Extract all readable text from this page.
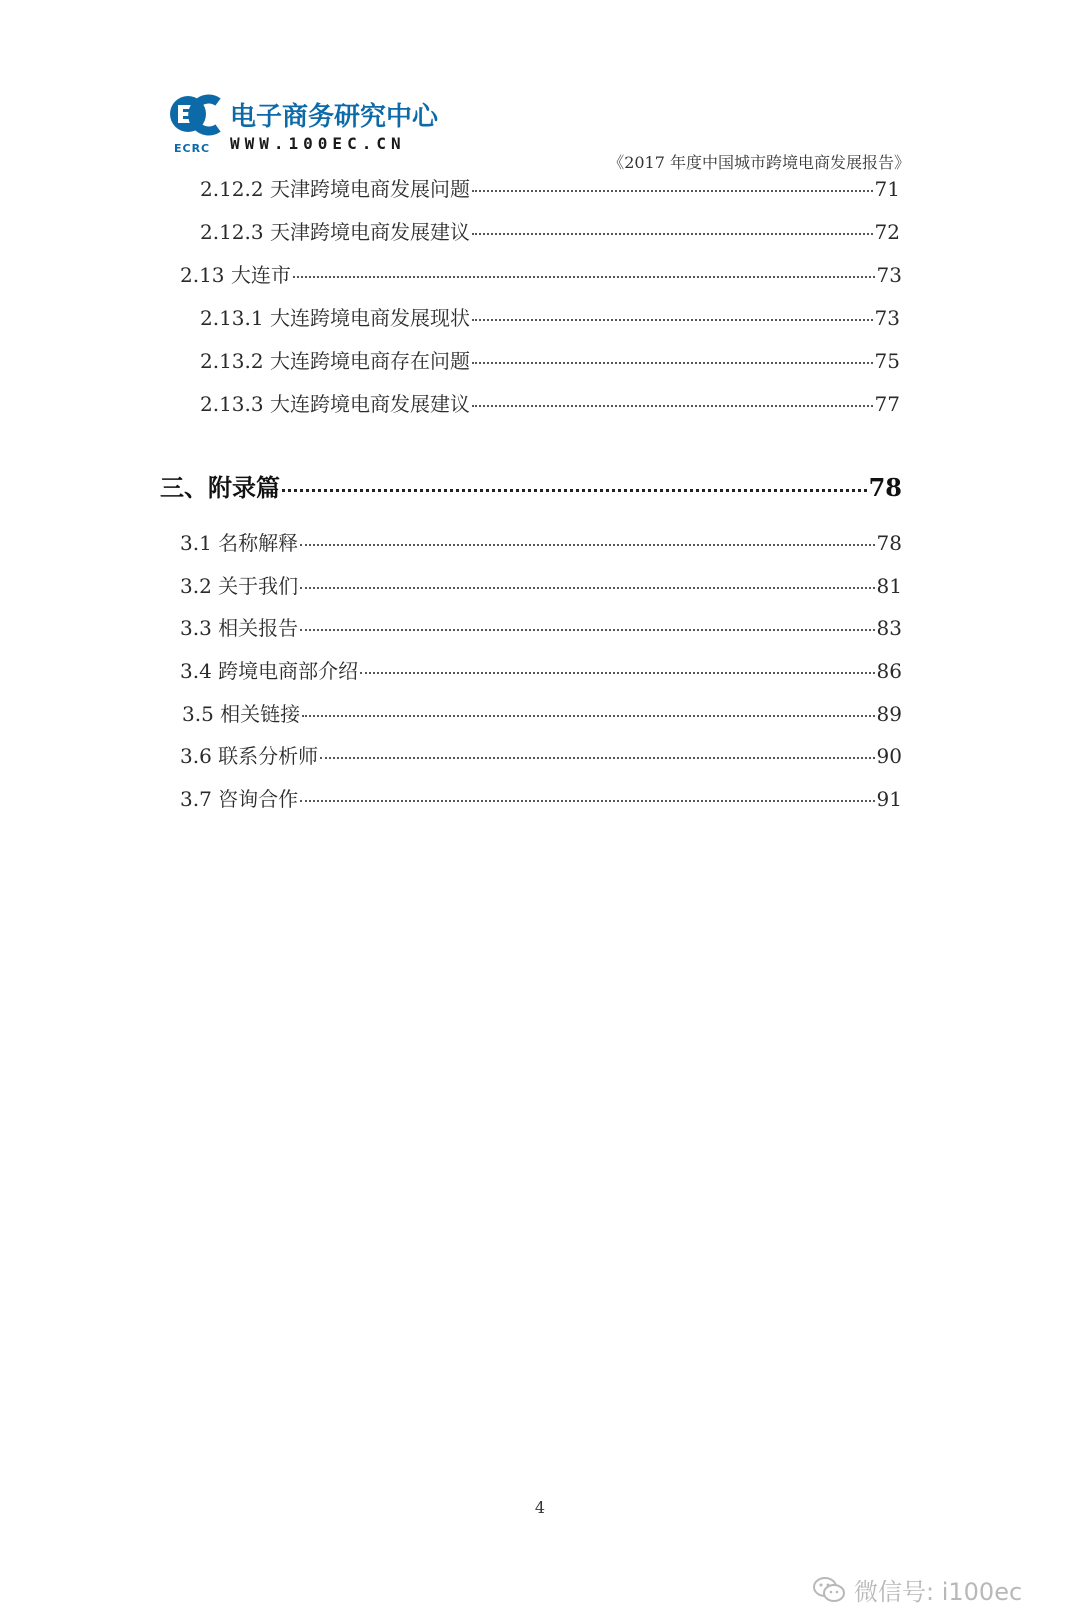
电子商务研究中心
WWW.100EC.CN
ECRC
《2017 年度中国城市跨境电商发展报告》
2.12.2 天津跨境电商发展问题	71
2.12.3 天津跨境电商发展建议	72
2.13 大连市	73
2.13.1 大连跨境电商发展现状	73
2.13.2 大连跨境电商存在问题	75
2.13.3 大连跨境电商发展建议	77
三、附录篇	78
3.1 名称解释	78
3.2 关于我们	81
3.3 相关报告	83
3.4 跨境电商部介绍	86
3.5 相关链接	89
3.6 联系分析师	90
3.7 咨询合作	91
4
微信号: i100ec
